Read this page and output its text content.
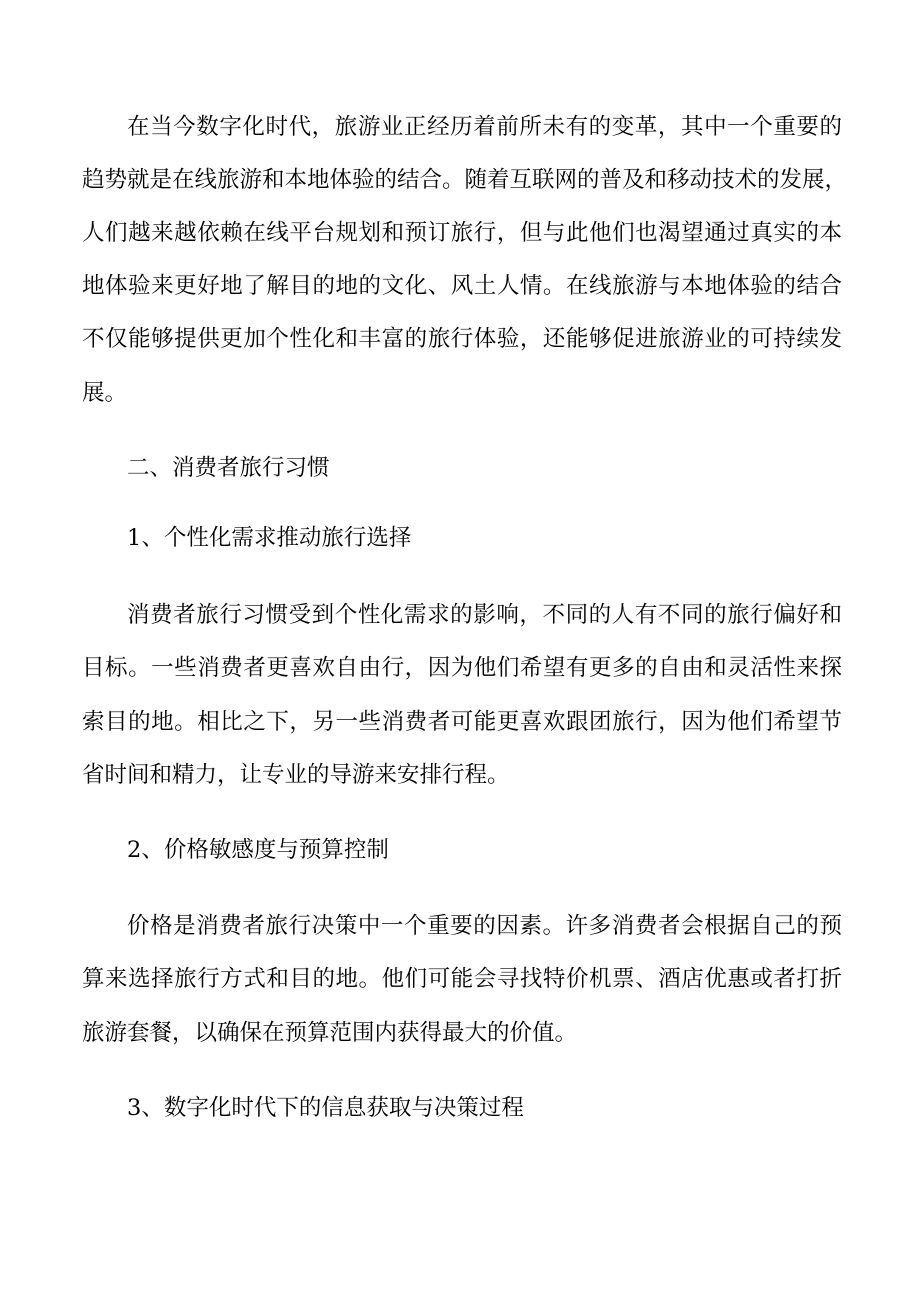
在当今数字化时代，旅游业正经历着前所未有的变革，其中一个重要的
趋势就是在线旅游和本地体验的结合。随着互联网的普及和移动技术的发展，
人们越来越依赖在线平台规划和预订旅行，但与此他们也渴望通过真实的本
地体验来更好地了解目的地的文化、风土人情。在线旅游与本地体验的结合
不仅能够提供更加个性化和丰富的旅行体验，还能够促进旅游业的可持续发
展。
二、消费者旅行习惯
1、个性化需求推动旅行选择
消费者旅行习惯受到个性化需求的影响，不同的人有不同的旅行偏好和
目标。一些消费者更喜欢自由行，因为他们希望有更多的自由和灵活性来探
索目的地。相比之下，另一些消费者可能更喜欢跟团旅行，因为他们希望节
省时间和精力，让专业的导游来安排行程。
2、价格敏感度与预算控制
价格是消费者旅行决策中一个重要的因素。许多消费者会根据自己的预
算来选择旅行方式和目的地。他们可能会寻找特价机票、酒店优惠或者打折
旅游套餐，以确保在预算范围内获得最大的价值。
3、数字化时代下的信息获取与决策过程
